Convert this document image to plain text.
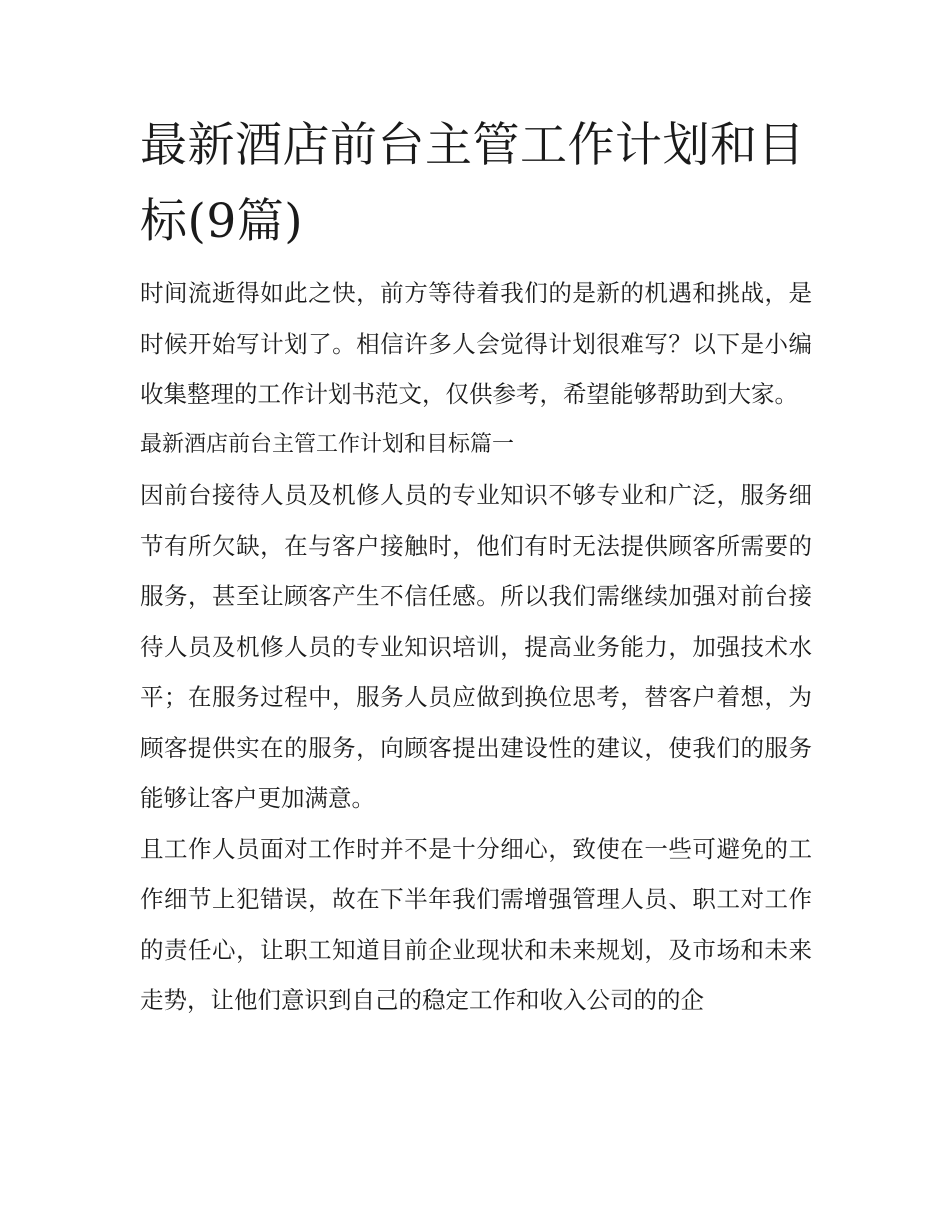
最新酒店前台主管工作计划和目标(9篇)

时间流逝得如此之快，前方等待着我们的是新的机遇和挑战，是时候开始写计划了。相信许多人会觉得计划很难写？以下是小编收集整理的工作计划书范文，仅供参考，希望能够帮助到大家。

最新酒店前台主管工作计划和目标篇一

因前台接待人员及机修人员的专业知识不够专业和广泛，服务细节有所欠缺，在与客户接触时，他们有时无法提供顾客所需要的服务，甚至让顾客产生不信任感。所以我们需继续加强对前台接待人员及机修人员的专业知识培训，提高业务能力，加强技术水平；在服务过程中，服务人员应做到换位思考，替客户着想，为顾客提供实在的服务，向顾客提出建设性的建议，使我们的服务能够让客户更加满意。

且工作人员面对工作时并不是十分细心，致使在一些可避免的工作细节上犯错误，故在下半年我们需增强管理人员、职工对工作的责任心，让职工知道目前企业现状和未来规划，及市场和未来走势，让他们意识到自己的稳定工作和收入公司的的企
